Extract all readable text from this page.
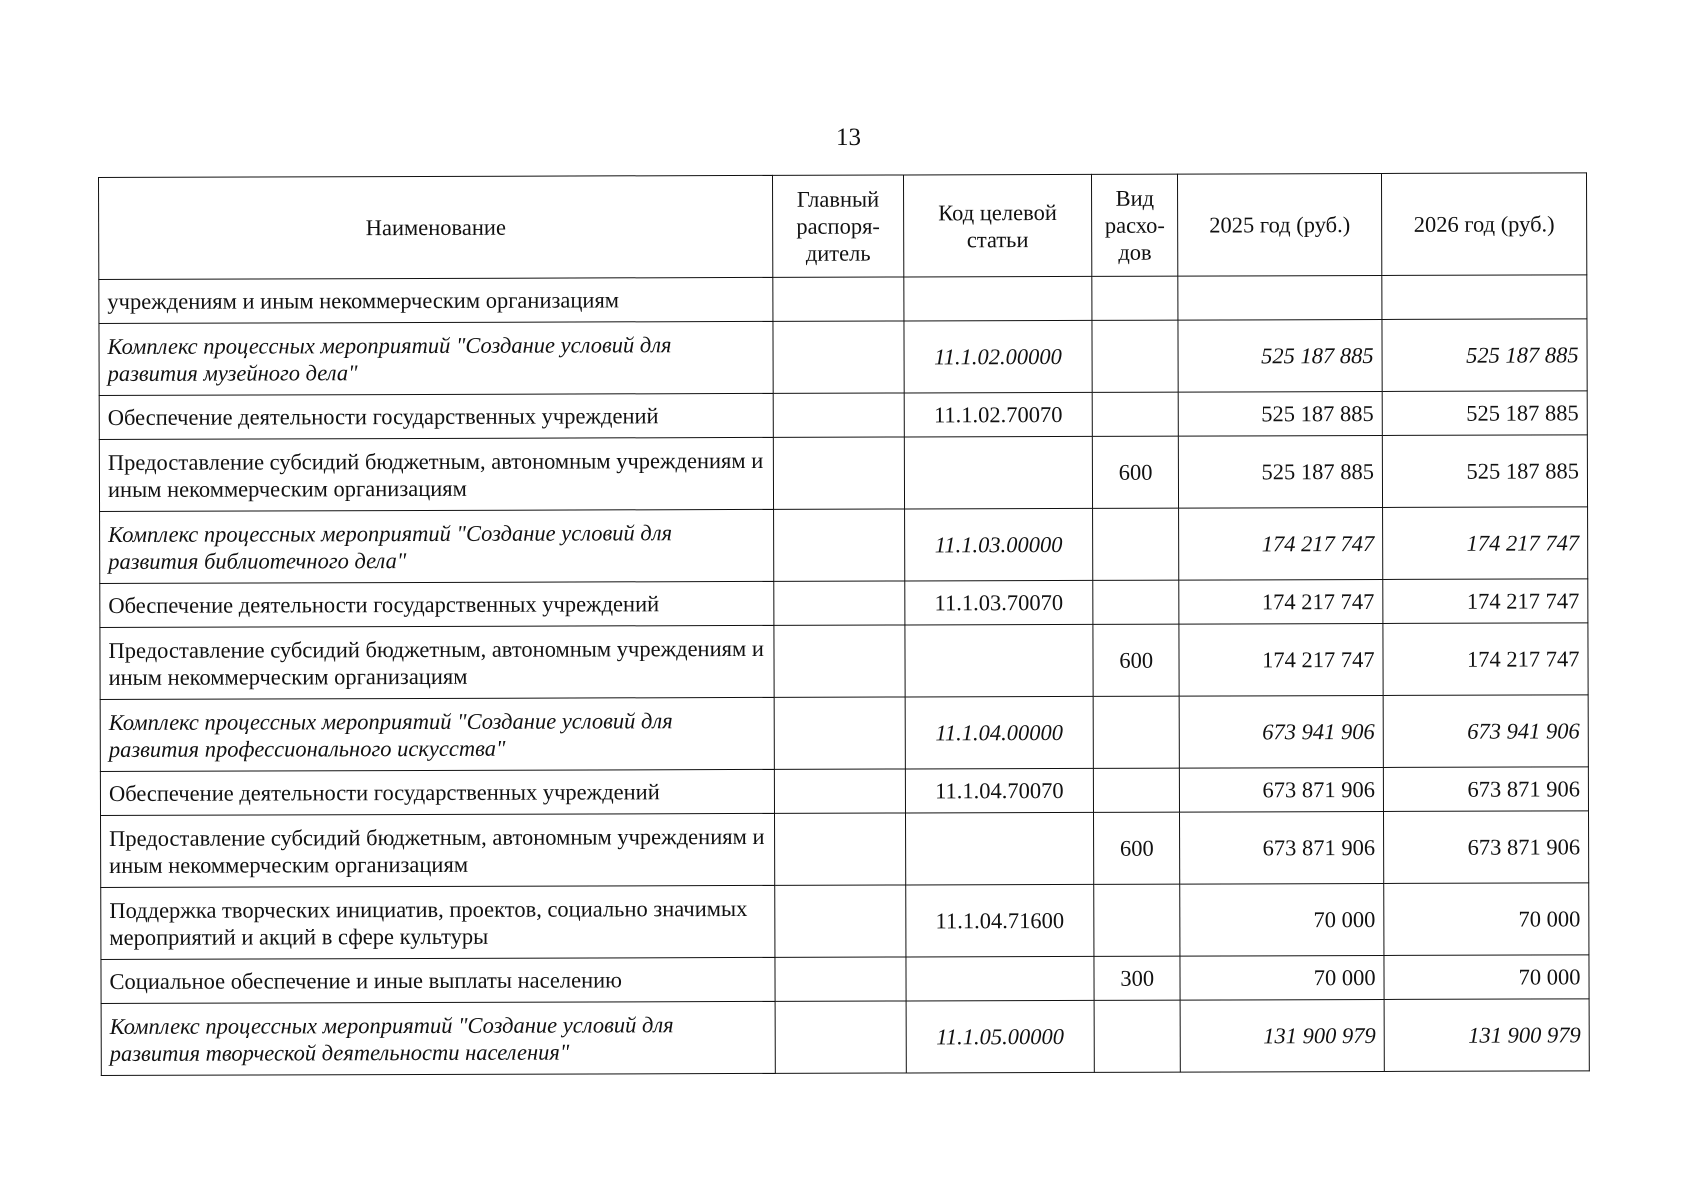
13
Наименование	Главный распоря-дитель	Код целевой статьи	Вид расхо-дов	2025 год (руб.)	2026 год (руб.)
учреждениям и иным некоммерческим организациям					
Комплекс процессных мероприятий "Создание условий для развития музейного дела"		11.1.02.00000		525 187 885	525 187 885
Обеспечение деятельности государственных учреждений		11.1.02.70070		525 187 885	525 187 885
Предоставление субсидий бюджетным, автономным учреждениям и иным некоммерческим организациям			600	525 187 885	525 187 885
Комплекс процессных мероприятий "Создание условий для развития библиотечного дела"		11.1.03.00000		174 217 747	174 217 747
Обеспечение деятельности государственных учреждений		11.1.03.70070		174 217 747	174 217 747
Предоставление субсидий бюджетным, автономным учреждениям и иным некоммерческим организациям			600	174 217 747	174 217 747
Комплекс процессных мероприятий "Создание условий для развития профессионального искусства"		11.1.04.00000		673 941 906	673 941 906
Обеспечение деятельности государственных учреждений		11.1.04.70070		673 871 906	673 871 906
Предоставление субсидий бюджетным, автономным учреждениям и иным некоммерческим организациям			600	673 871 906	673 871 906
Поддержка творческих инициатив, проектов, социально значимых мероприятий и акций в сфере культуры		11.1.04.71600		70 000	70 000
Социальное обеспечение и иные выплаты населению			300	70 000	70 000
Комплекс процессных мероприятий "Создание условий для развития творческой деятельности населения"		11.1.05.00000		131 900 979	131 900 979
